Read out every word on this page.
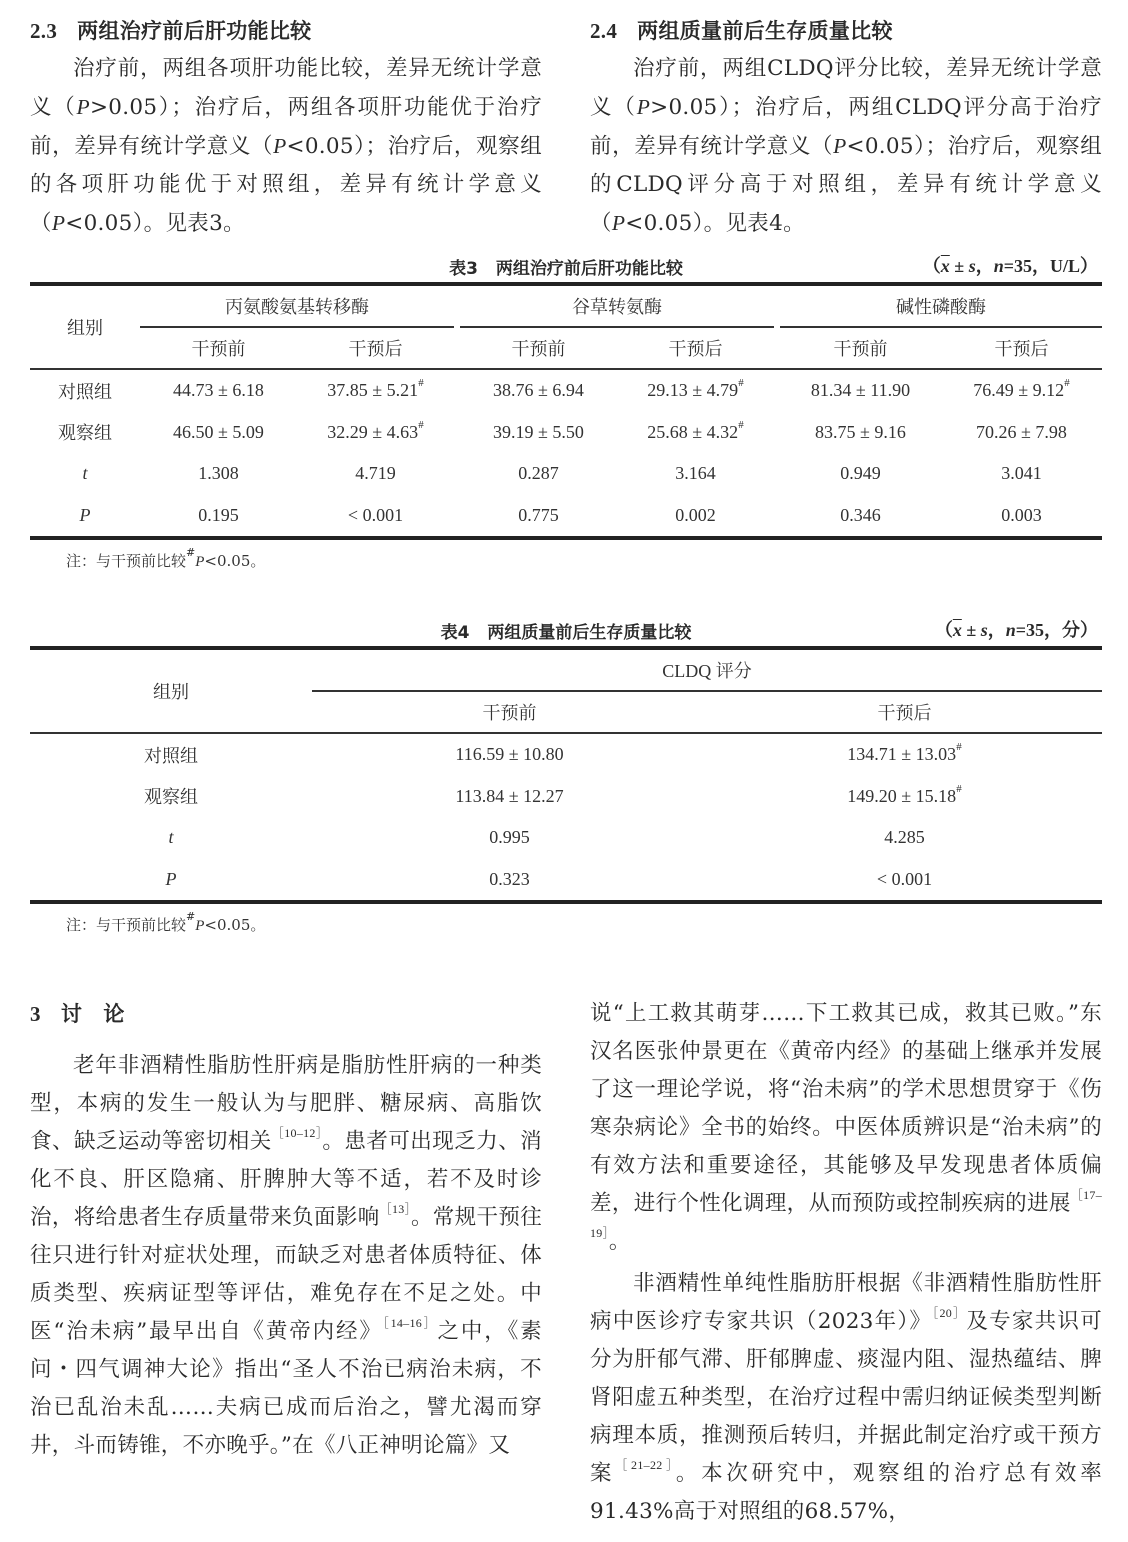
2.3 两组治疗前后肝功能比较

治疗前，两组各项肝功能比较，差异无统计学意义（P>0.05）；治疗后，两组各项肝功能优于治疗前，差异有统计学意义（P<0.05）；治疗后，观察组的各项肝功能优于对照组，差异有统计学意义（P<0.05）。见表3。

2.4 两组质量前后生存质量比较

治疗前，两组CLDQ评分比较，差异无统计学意义（P>0.05）；治疗后，两组CLDQ评分高于治疗前，差异有统计学意义（P<0.05）；治疗后，观察组的CLDQ评分高于对照组，差异有统计学意义（P<0.05）。见表4。

表3 两组治疗前后肝功能比较	（$\overline{x} \pm s$，n=35，U/L）
组别	丙氨酸氨基转移酶			谷草转氨酶			碱性磷酸酶	
	干预前	干预后		干预前	干预后		干预前	干预后
对照组	44.73 ± 6.18	37.85 ± 5.21#		38.76 ± 6.94	29.13 ± 4.79#		81.34 ± 11.90	76.49 ± 9.12#
观察组	46.50 ± 5.09	32.29 ± 4.63#		39.19 ± 5.50	25.68 ± 4.32#		83.75 ± 9.16	70.26 ± 7.98
t	1.308	4.719		0.287	3.164		0.949	3.041
P	0.195	< 0.001		0.775	0.002		0.346	0.003
注：与干预前比较#P<0.05。
表4 两组质量前后生存质量比较	（$\overline{x} \pm s$，n=35，分）
组别	CLDQ 评分	
	干预前	干预后
对照组	116.59 ± 10.80	134.71 ± 13.03#
观察组	113.84 ± 12.27	149.20 ± 15.18#
t	0.995	4.285
P	0.323	< 0.001
注：与干预前比较#P<0.05。
3 讨　论

老年非酒精性脂肪性肝病是脂肪性肝病的一种类型，本病的发生一般认为与肥胖、糖尿病、高脂饮食、缺乏运动等密切相关$^{[10-12]}$。患者可出现乏力、消化不良、肝区隐痛、肝脾肿大等不适，若不及时诊治，将给患者生存质量带来负面影响$^{[13]}$。常规干预往往只进行针对症状处理，而缺乏对患者体质特征、体质类型、疾病证型等评估，难免存在不足之处。中医“治未病”最早出自《黄帝内经》$^{[14-16]}$之中，《素问・四气调神大论》指出“圣人不治已病治未病，不治已乱治未乱……夫病已成而后治之，譬尤渴而穿井，斗而铸锥，不亦晚乎。”在《八正神明论篇》又

说“上工救其萌芽……下工救其已成，救其已败。”东汉名医张仲景更在《黄帝内经》的基础上继承并发展了这一理论学说，将“治未病”的学术思想贯穿于《伤寒杂病论》全书的始终。中医体质辨识是“治未病”的有效方法和重要途径，其能够及早发现患者体质偏差，进行个性化调理，从而预防或控制疾病的进展$^{[17-19]}$。

非酒精性单纯性脂肪肝根据《非酒精性脂肪性肝病中医诊疗专家共识（2023年）》$^{[20]}$及专家共识可分为肝郁气滞、肝郁脾虚、痰湿内阻、湿热蕴结、脾肾阳虚五种类型，在治疗过程中需归纳证候类型判断病理本质，推测预后转归，并据此制定治疗或干预方案$^{[21-22]}$。本次研究中，观察组的治疗总有效率91.43%高于对照组的68.57%，
